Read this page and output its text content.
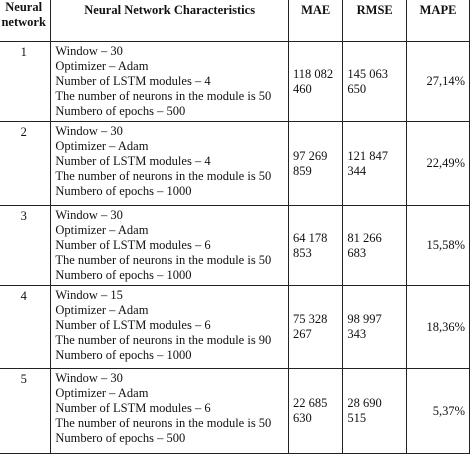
Neural network	Neural Network Characteristics	MAE	RMSE	MAPE
1	Window – 30
Optimizer – Adam
Number of LSTM modules – 4
The number of neurons in the module is 50
Numbero of epochs – 500	118 082 460	145 063 650	27,14%
2	Window – 30
Optimizer – Adam
Number of LSTM modules – 4
The number of neurons in the module is 50
Numbero of epochs – 1000	97 269 859	121 847 344	22,49%
3	Window – 30
Optimizer – Adam
Number of LSTM modules – 6
The number of neurons in the module is 50
Numbero of epochs – 1000	64 178 853	81 266 683	15,58%
4	Window – 15
Optimizer – Adam
Number of LSTM modules – 6
The number of neurons in the module is 90
Numbero of epochs – 1000	75 328 267	98 997 343	18,36%
5	Window – 30
Optimizer – Adam
Number of LSTM modules – 6
The number of neurons in the module is 50
Numbero of epochs – 500	22 685 630	28 690 515	5,37%
